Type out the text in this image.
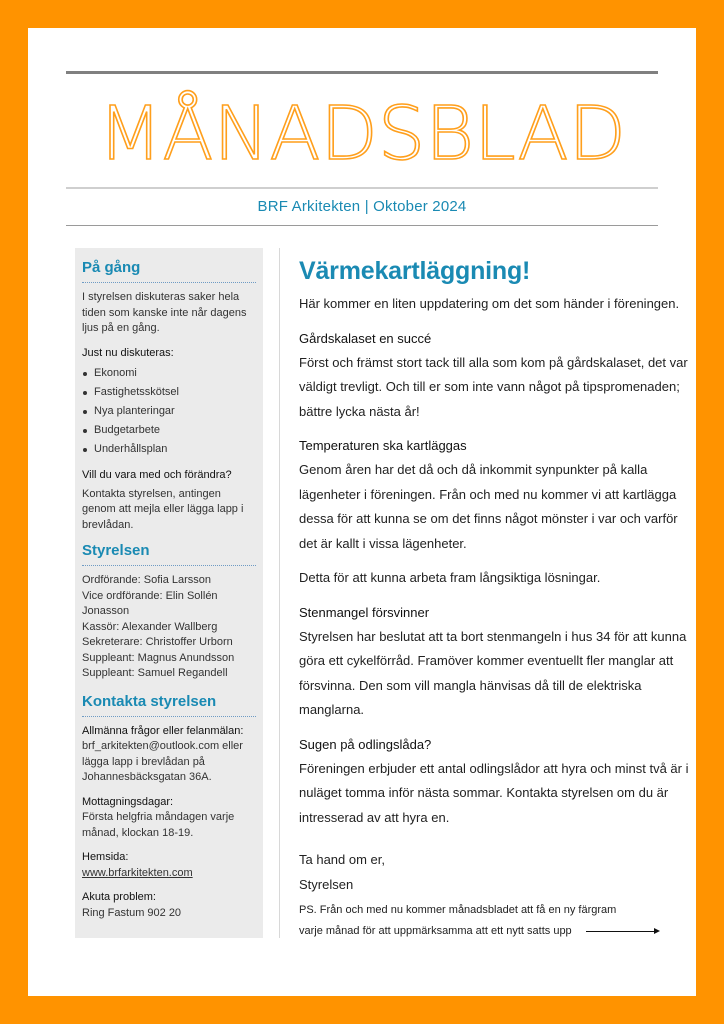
MÅNADSBLAD
BRF Arkitekten | Oktober 2024
På gång

I styrelsen diskuteras saker hela tiden som kanske inte når dagens ljus på en gång.

Just nu diskuteras:
Ekonomi
Fastighetsskötsel
Nya planteringar
Budgetarbete
Underhållsplan
Vill du vara med och förändra?

Kontakta styrelsen, antingen genom att mejla eller lägga lapp i brevlådan.

Styrelsen
Ordförande: Sofia Larsson
Vice ordförande: Elin Sollén Jonasson
Kassör: Alexander Wallberg
Sekreterare: Christoffer Urborn
Suppleant: Magnus Anundsson
Suppleant: Samuel Regandell
Kontakta styrelsen
Allmänna frågor eller felanmälan:

brf_arkitekten@outlook.com eller lägga lapp i brevlådan på Johannesbäcksgatan 36A.

Mottagningsdagar:

Första helgfria måndagen varje månad, klockan 18-19.

Hemsida:

www.brfarkitekten.com

Akuta problem:

Ring Fastum 902 20

Värmekartläggning!

Här kommer en liten uppdatering om det som händer i föreningen.

Gårdskalaset en succé

Först och främst stort tack till alla som kom på gårdskalaset, det var väldigt trevligt. Och till er som inte vann något på tipspromenaden; bättre lycka nästa år!

Temperaturen ska kartläggas

Genom åren har det då och då inkommit synpunkter på kalla lägenheter i föreningen. Från och med nu kommer vi att kartlägga dessa för att kunna se om det finns något mönster i var och varför det är kallt i vissa lägenheter.

Detta för att kunna arbeta fram långsiktiga lösningar.

Stenmangel försvinner

Styrelsen har beslutat att ta bort stenmangeln i hus 34 för att kunna göra ett cykelförråd. Framöver kommer eventuellt fler manglar att försvinna. Den som vill mangla hänvisas då till de elektriska manglarna.

Sugen på odlingslåda?

Föreningen erbjuder ett antal odlingslådor att hyra och minst två är i nuläget tomma inför nästa sommar. Kontakta styrelsen om du är intresserad av att hyra en.

Ta hand om er,
Styrelsen

PS. Från och med nu kommer månadsbladet att få en ny färgram
varje månad för att uppmärksamma att ett nytt satts upp
